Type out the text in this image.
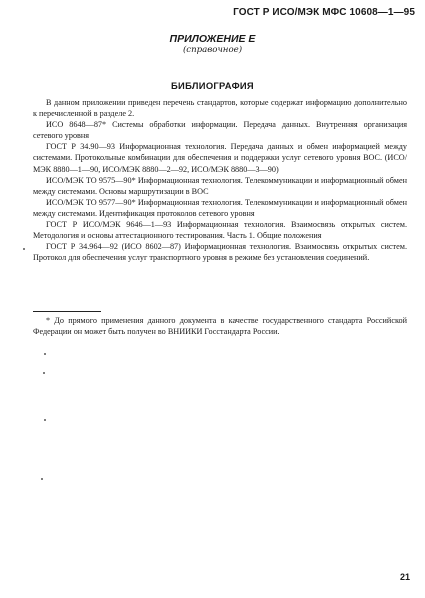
ГОСТ Р ИСО/МЭК МФС 10608—1—95
ПРИЛОЖЕНИЕ Е
(справочное)
БИБЛИОГРАФИЯ

В данном приложении приведен перечень стандартов, которые содержат информацию дополнительно к перечисленной в разделе 2.

ИСО 8648—87* Системы обработки информации. Передача данных. Внутренняя организация сетевого уровня

ГОСТ Р 34.90—93 Информационная технология. Передача данных и обмен информацией между системами. Протокольные комбинации для обеспечения и поддержки услуг сетевого уровня ВОС. (ИСО/МЭК 8880—1—90, ИСО/МЭК 8880—2—92, ИСО/МЭК 8880—3—90)

ИСО/МЭК ТО 9575—90* Информационная технология. Телекоммуникации и информационный обмен между системами. Основы маршрутизации в ВОС

ИСО/МЭК ТО 9577—90* Информационная технология. Телекоммуникации и информационный обмен между системами. Идентификация протоколов сетевого уровня

ГОСТ Р ИСО/МЭК 9646—1—93 Информационная технология. Взаимосвязь открытых систем. Методология и основы аттестационного тестирования. Часть 1. Общие положения

ГОСТ Р 34.964—92 (ИСО 8602—87) Информационная технология. Взаимосвязь открытых систем. Протокол для обеспечения услуг транспортного уровня в режиме без установления соединений.

* До прямого применения данного документа в качестве государственного стандарта Российской Федерации он может быть получен во ВНИИКИ Госстандарта России.

21
